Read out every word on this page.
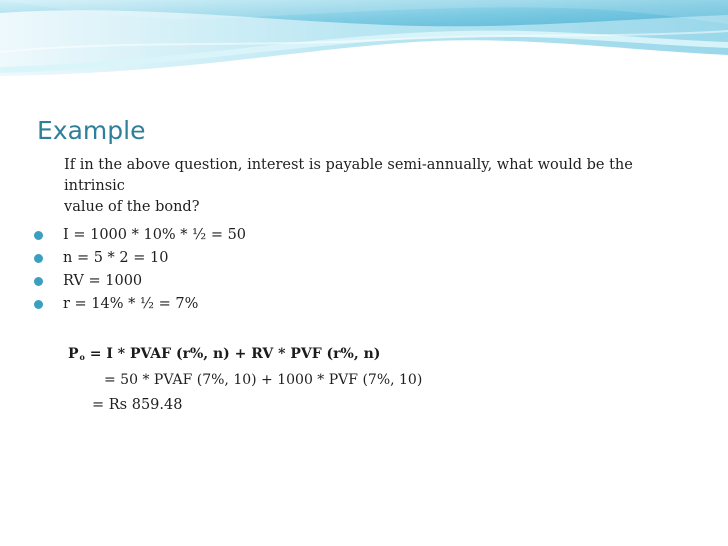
Example
If in the above question, interest is payable semi-annually, what would be the intrinsic
value of the bond?
I = 1000 * 10% * ½ = 50
n = 5 * 2 = 10
RV = 1000
r = 14% * ½ = 7%
Po = I * PVAF (r%, n) + RV * PVF (r%, n)
= 50 * PVAF (7%, 10) + 1000 * PVF (7%, 10)
= Rs 859.48
